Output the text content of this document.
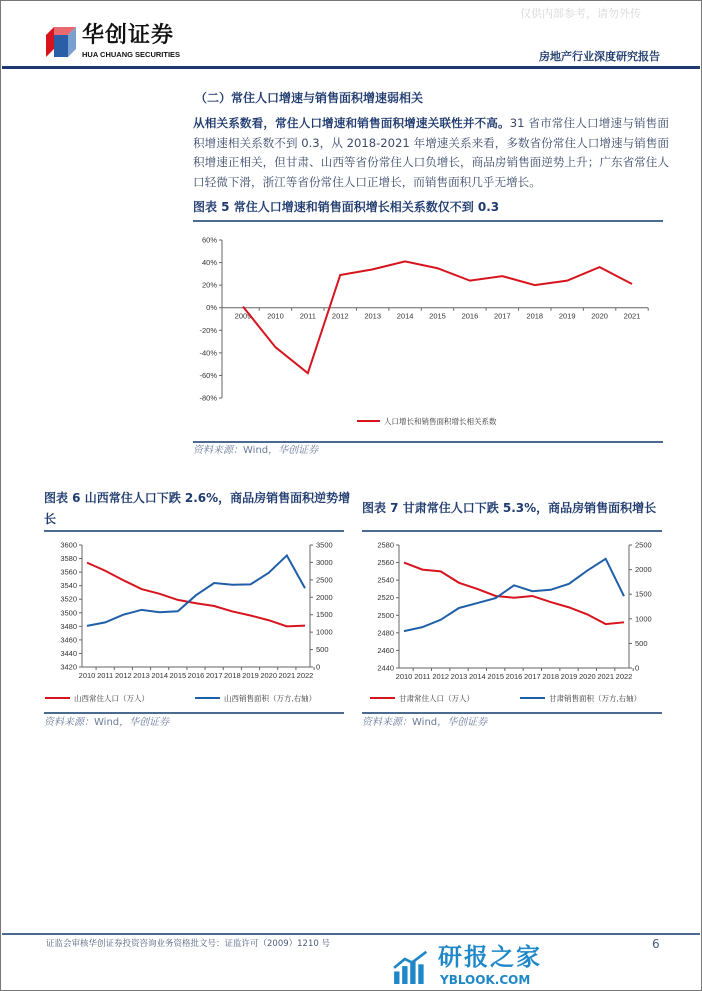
华创证券
HUA CHUANG SECURITIES
仅供内部参考，请勿外传
房地产行业深度研究报告
（二）常住人口增速与销售面积增速弱相关
从相关系数看，常住人口增速和销售面积增速关联性并不高。31 省市常住人口增速与销售面积增速相关系数不到 0.3，从 2018-2021 年增速关系来看，多数省份常住人口增速与销售面积增速正相关，但甘肃、山西等省份常住人口负增长，商品房销售面逆势上升；广东省常住人口轻微下滑，浙江等省份常住人口正增长，而销售面积几乎无增长。
图表 5 常住人口增速和销售面积增长相关系数仅不到 0.3
60%
40%
20%
0%
-20%
-40%
-60%
-80%
2009 2010 2011 2012 2013 2014 2015 2016 2017 2018 2019 2020 2021
人口增长和销售面积增长相关系数
资料来源：Wind，华创证券
图表 6 山西常住人口下跌 2.6%，商品房销售面积逆势增长
3600
3580
3560
3540
3520
3500
3480
3460
3440
3420
2010 2011 2012 2013 2014 2015 2016 2017 2018 2019 2020 2021 2022
3500
3000
2500
2000
1500
1000
500
0
山西常住人口（万人）	山西销售面积（万方,右轴）
资料来源：Wind，华创证券
图表 7 甘肃常住人口下跌 5.3%，商品房销售面积增长
2580
2560
2540
2520
2500
2480
2460
2440
2010 2011 2012 2013 2014 2015 2016 2017 2018 2019 2020 2021 2022
2500
2000
1500
1000
500
0
甘肃常住人口（万人）	甘肃销售面积（万方,右轴）
资料来源：Wind，华创证券
证监会审核华创证券投资咨询业务资格批文号：证监许可（2009）1210 号	6
研报之家
YBLOOK.COM
